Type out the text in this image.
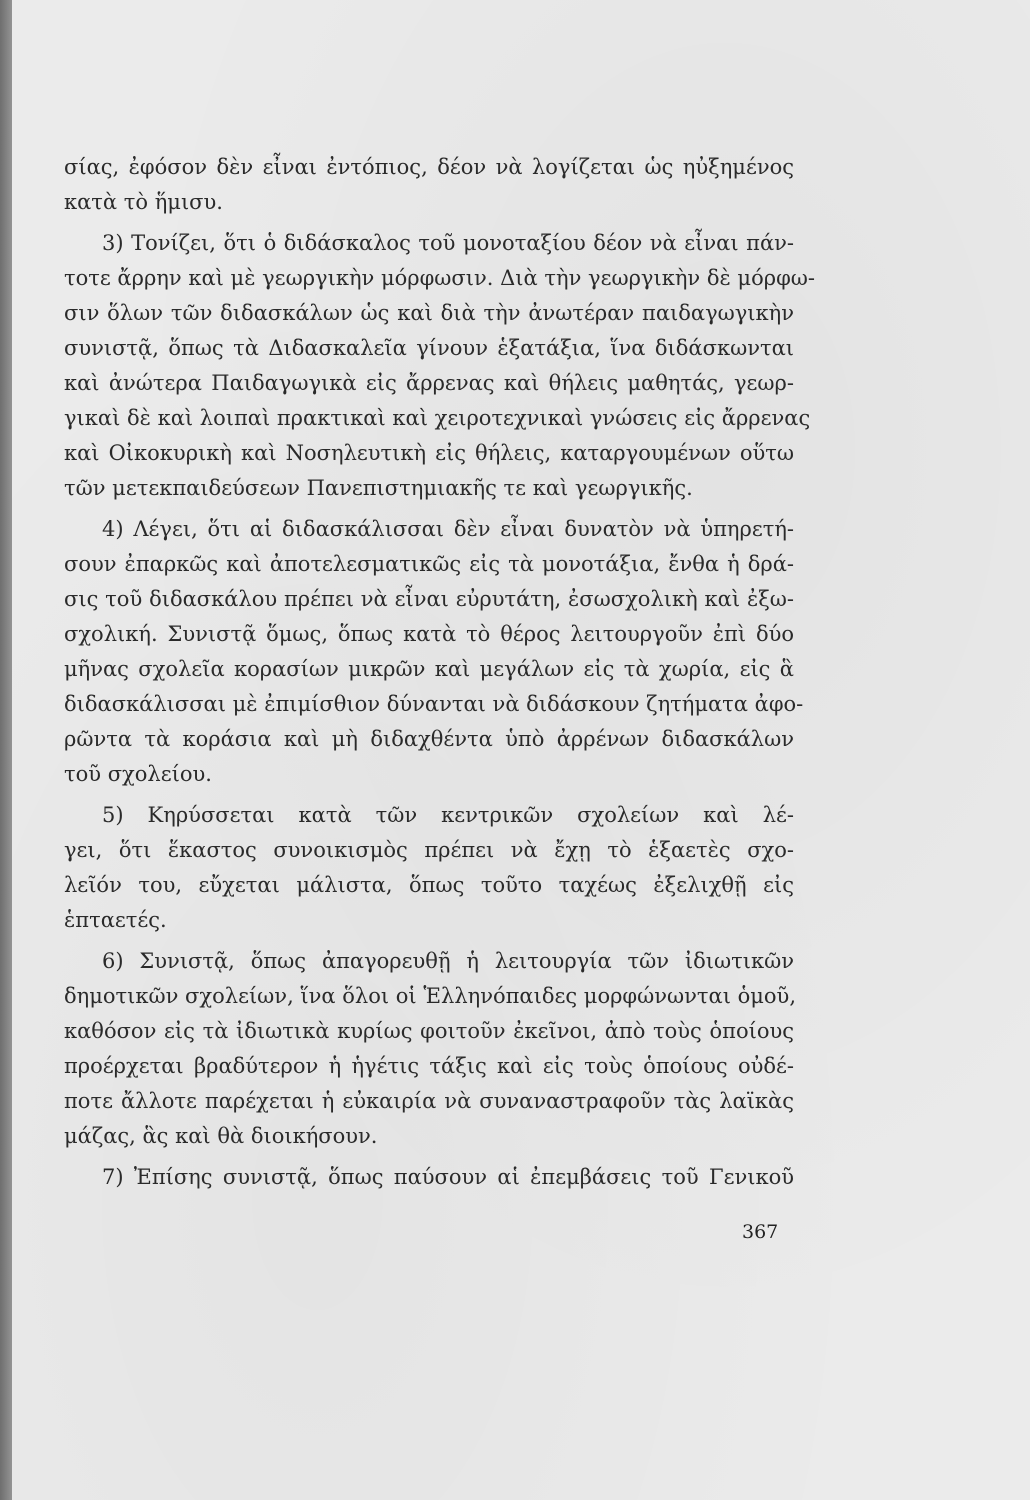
σίας, ἐφόσον δὲν εἶναι ἐντόπιος, δέον νὰ λογίζεται ὡς ηὐξημένος
κατὰ τὸ ἥμισυ.
3) Τονίζει, ὅτι ὁ διδάσκαλος τοῦ μονοταξίου δέον νὰ εἶναι πάν-
τοτε ἄρρην καὶ μὲ γεωργικὴν μόρφωσιν. Διὰ τὴν γεωργικὴν δὲ μόρφω-
σιν ὅλων τῶν διδασκάλων ὡς καὶ διὰ τὴν ἀνωτέραν παιδαγωγικὴν
συνιστᾷ, ὅπως τὰ Διδασκαλεῖα γίνουν ἑξατάξια, ἵνα διδάσκωνται
καὶ ἀνώτερα Παιδαγωγικὰ εἰς ἄρρενας καὶ θήλεις μαθητάς, γεωρ-
γικαὶ δὲ καὶ λοιπαὶ πρακτικαὶ καὶ χειροτεχνικαὶ γνώσεις εἰς ἄρρενας
καὶ Οἰκοκυρικὴ καὶ Νοσηλευτικὴ εἰς θήλεις, καταργουμένων οὕτω
τῶν μετεκπαιδεύσεων Πανεπιστημιακῆς τε καὶ γεωργικῆς.
4) Λέγει, ὅτι αἱ διδασκάλισσαι δὲν εἶναι δυνατὸν νὰ ὑπηρετή-
σουν ἐπαρκῶς καὶ ἀποτελεσματικῶς εἰς τὰ μονοτάξια, ἔνθα ἡ δρά-
σις τοῦ διδασκάλου πρέπει νὰ εἶναι εὐρυτάτη, ἐσωσχολικὴ καὶ ἐξω-
σχολική. Συνιστᾷ ὅμως, ὅπως κατὰ τὸ θέρος λειτουργοῦν ἐπὶ δύο
μῆνας σχολεῖα κορασίων μικρῶν καὶ μεγάλων εἰς τὰ χωρία, εἰς ἃ
διδασκάλισσαι μὲ ἐπιμίσθιον δύνανται νὰ διδάσκουν ζητήματα ἀφο-
ρῶντα τὰ κοράσια καὶ μὴ διδαχθέντα ὑπὸ ἀρρένων διδασκάλων
τοῦ σχολείου.
5) Κηρύσσεται κατὰ τῶν κεντρικῶν σχολείων καὶ λέ-
γει, ὅτι ἕκαστος συνοικισμὸς πρέπει νὰ ἔχῃ τὸ ἑξαετὲς σχο-
λεῖόν του, εὔχεται μάλιστα, ὅπως τοῦτο ταχέως ἐξελιχθῇ εἰς
ἑπταετές.
6) Συνιστᾷ, ὅπως ἀπαγορευθῇ ἡ λειτουργία τῶν ἰδιωτικῶν
δημοτικῶν σχολείων, ἵνα ὅλοι οἱ Ἑλληνόπαιδες μορφώνωνται ὁμοῦ,
καθόσον εἰς τὰ ἰδιωτικὰ κυρίως φοιτοῦν ἐκεῖνοι, ἀπὸ τοὺς ὁποίους
προέρχεται βραδύτερον ἡ ἡγέτις τάξις καὶ εἰς τοὺς ὁποίους οὐδέ-
ποτε ἄλλοτε παρέχεται ἡ εὐκαιρία νὰ συναναστραφοῦν τὰς λαϊκὰς
μάζας, ἃς καὶ θὰ διοικήσουν.
7) Ἐπίσης συνιστᾷ, ὅπως παύσουν αἱ ἐπεμβάσεις τοῦ Γενικοῦ
367
